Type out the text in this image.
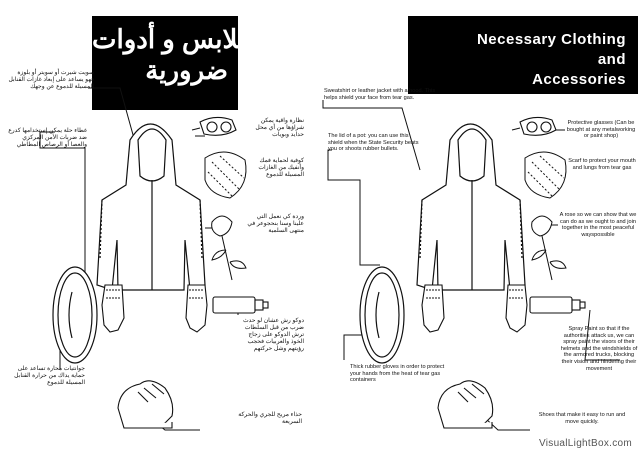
ملابس و أدوات
ضرورية
سويت شيرت أو سويتر أو بلوزة فهو يساعد على إبعاد غازات القنابل المسيلة للدموع عن وجهك
غطاء حلة يمكن إستخدامها كدرع ضد ضربات الأمن المركزي والعصا أو الرصاص المطاطي
نظارة واقية يمكن شراؤها من أي محل حدايد وبويات
كوفية لحماية فمك وأنفيك من الغازات المسيلة للدموع
وردة كي نعمل التي علينا وسنا بنحجوعر في منتهى السلمية
دوكو رش عشان لو حدث ضرب من قبل السلطات ترش الدوكو على زجاج الخوذ والعربيات فحجب رؤيتهم وشل حركتهم
جوانتيات محارة تساعد على حماية يداك من حرارة القنابل المسيلة للدموع
حذاء مريح للجري والحركة السريعة
Necessary Clothing
and
Accessories
Sweatshirt or leather jacket with a hood. This helps shield your face from tear gas.
The lid of a pot: you can use this shield when the State Security beats you or shoots rubber bullets.
Protective glasses (Can be bought at any metalworking or paint shop)
Scarf to protect your mouth and lungs from tear gas
A rose so we can show that we can do as we ought to and join together in the most peaceful wayspossible
Spray Paint so that if the authorities attack us, we can spray paint the visors of their helmets and the windshields of the armored trucks, blocking their vision and hindering their movement
Thick rubber gloves in order to protect your hands from the heat of tear gas containers
Shoes that make it easy to run and move quickly.
VisualLightBox.com
